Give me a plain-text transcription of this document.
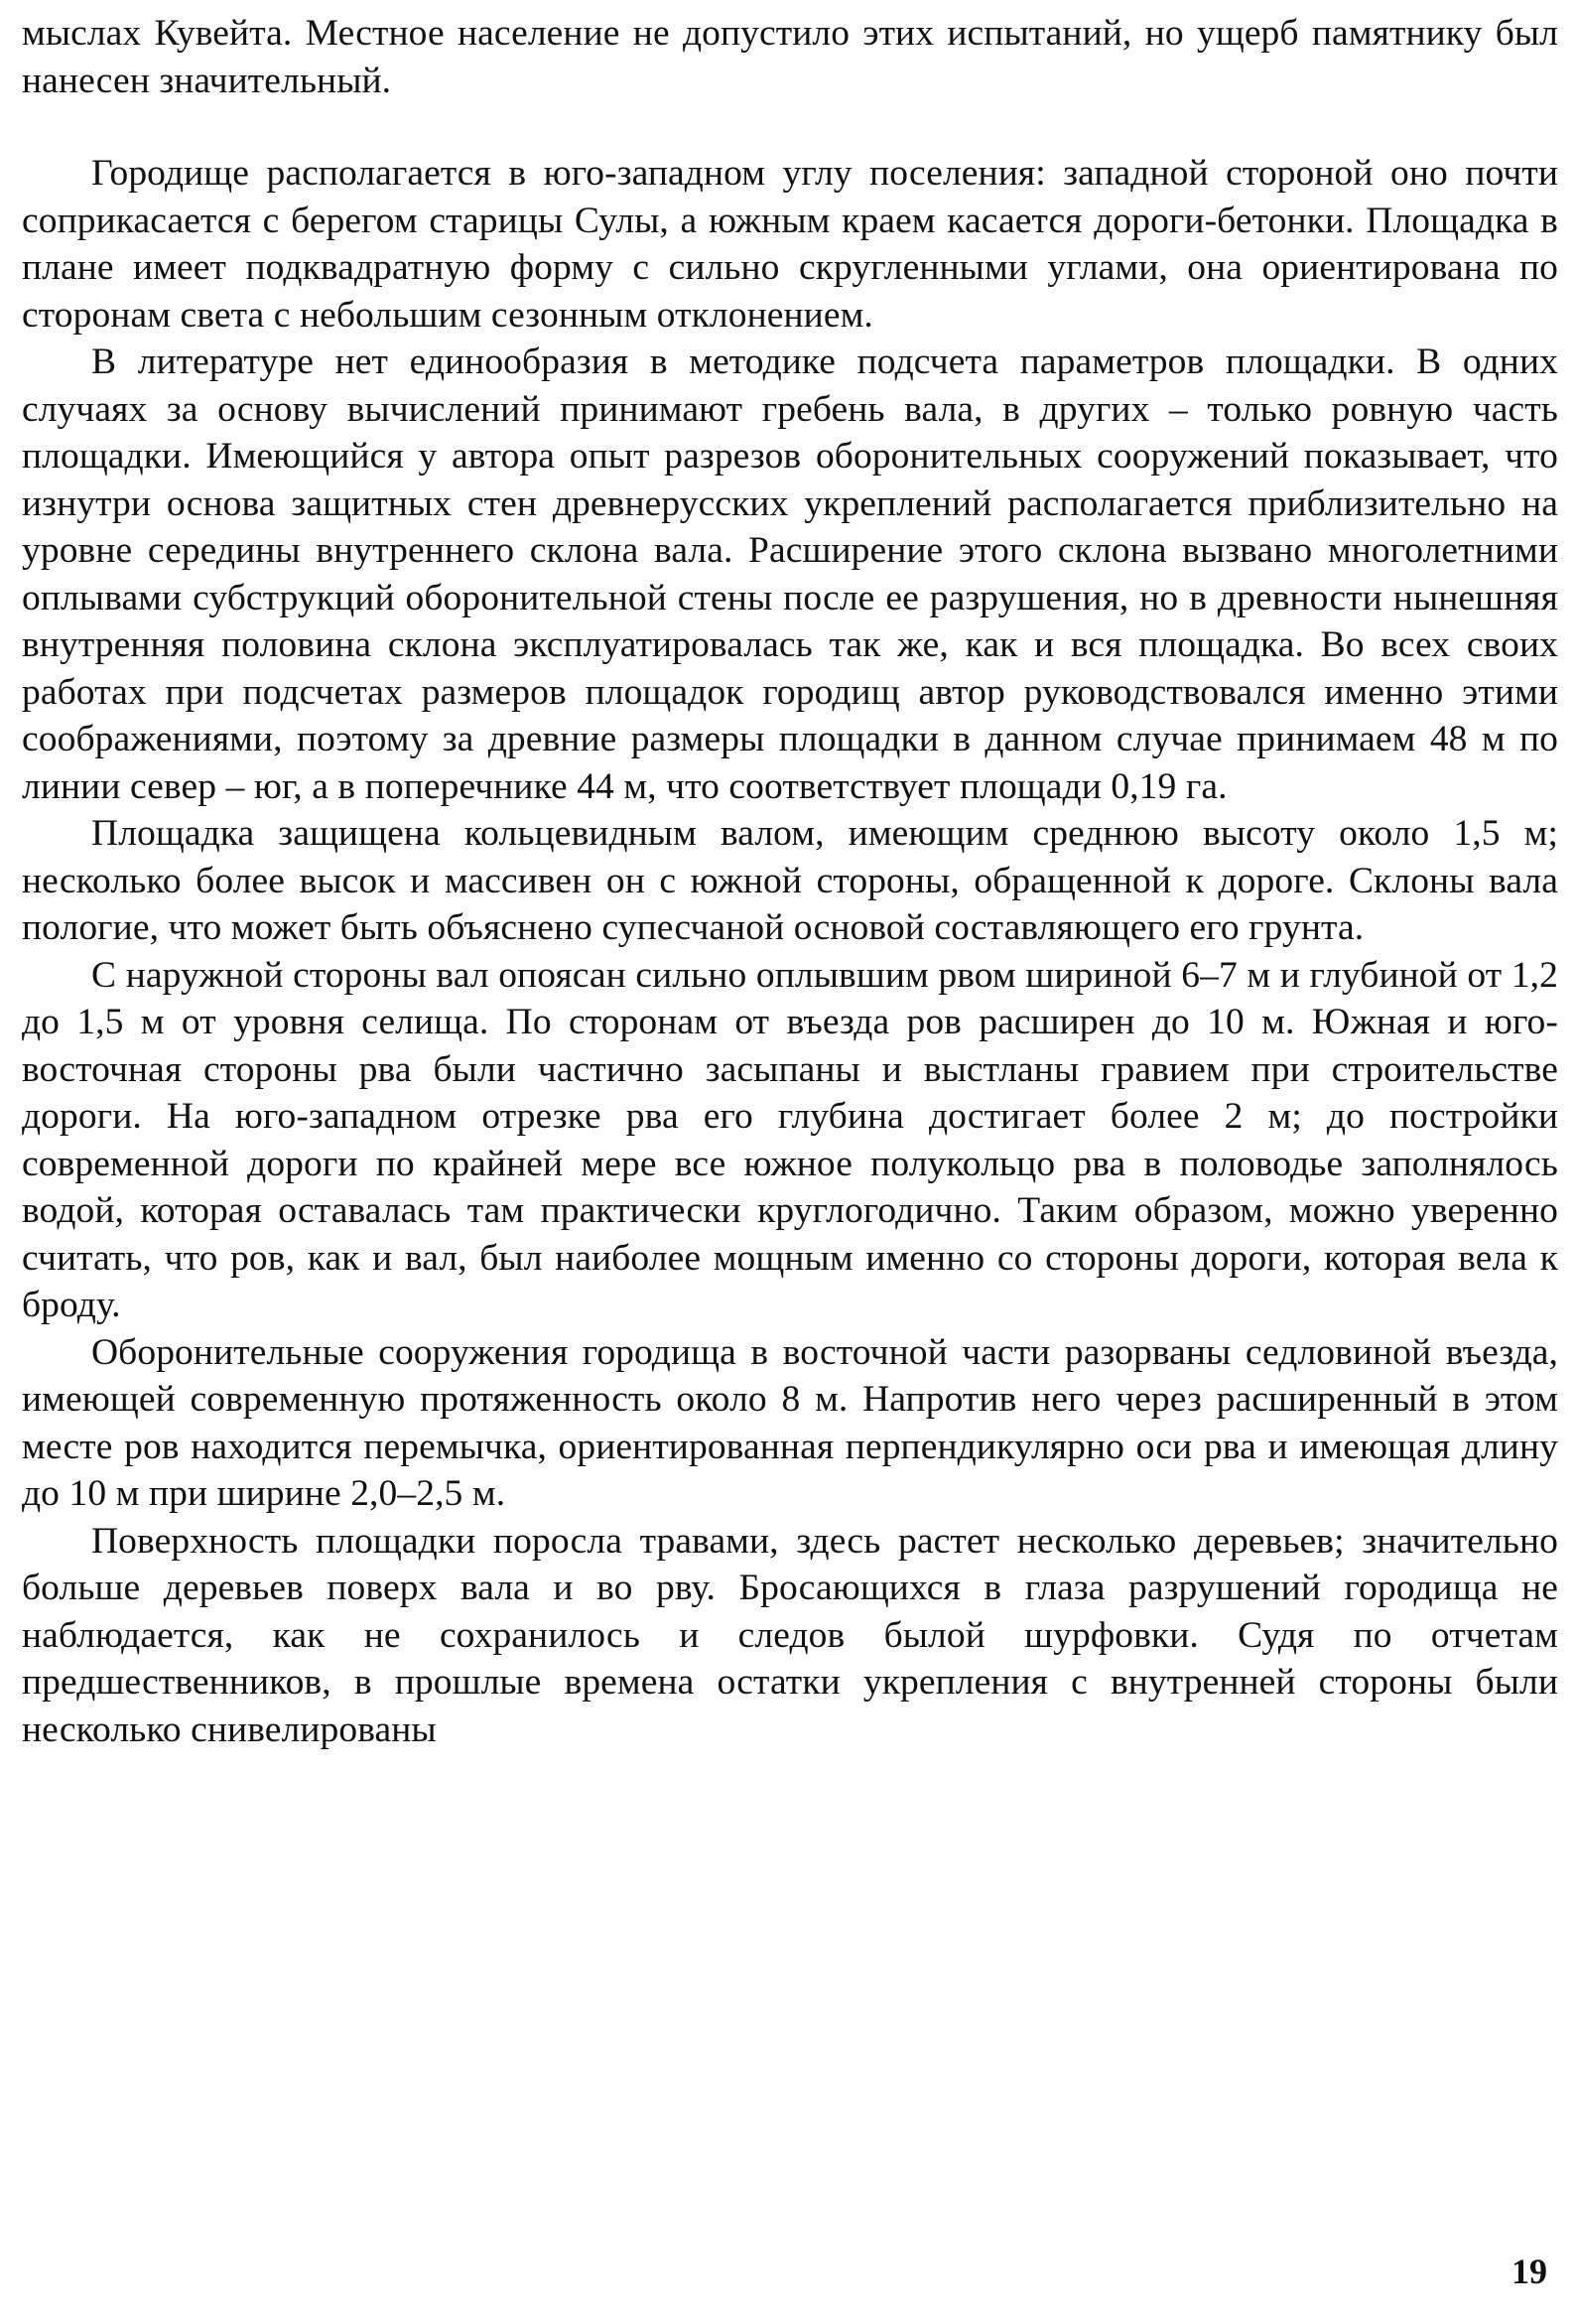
мыслах Кувейта. Местное население не допустило этих испытаний, но ущерб памятнику был нанесен значительный.

Городище располагается в юго-западном углу поселения: западной стороной оно почти соприкасается с берегом старицы Сулы, а южным краем касается дороги-бетонки. Площадка в плане имеет подквадратную форму с сильно скругленными углами, она ориентирована по сторонам света с небольшим сезонным отклонением.

В литературе нет единообразия в методике подсчета параметров площадки. В одних случаях за основу вычислений принимают гребень вала, в других – только ровную часть площадки. Имеющийся у автора опыт разрезов оборонительных сооружений показывает, что изнутри основа защитных стен древнерусских укреплений располагается приблизительно на уровне середины внутреннего склона вала. Расширение этого склона вызвано многолетними оплывами субструкций оборонительной стены после ее разрушения, но в древности нынешняя внутренняя половина склона эксплуатировалась так же, как и вся площадка. Во всех своих работах при подсчетах размеров площадок городищ автор руководствовался именно этими соображениями, поэтому за древние размеры площадки в данном случае принимаем 48 м по линии север – юг, а в поперечнике 44 м, что соответствует площади 0,19 га.

Площадка защищена кольцевидным валом, имеющим среднюю высоту около 1,5 м; несколько более высок и массивен он с южной стороны, обращенной к дороге. Склоны вала пологие, что может быть объяснено супесчаной основой составляющего его грунта.

С наружной стороны вал опоясан сильно оплывшим рвом шириной 6–7 м и глубиной от 1,2 до 1,5 м от уровня селища. По сторонам от въезда ров расширен до 10 м. Южная и юго-восточная стороны рва были частично засыпаны и выстланы гравием при строительстве дороги. На юго-западном отрезке рва его глубина достигает более 2 м; до постройки современной дороги по крайней мере все южное полукольцо рва в половодье заполнялось водой, которая оставалась там практически круглогодично. Таким образом, можно уверенно считать, что ров, как и вал, был наиболее мощным именно со стороны дороги, которая вела к броду.

Оборонительные сооружения городища в восточной части разорваны седловиной въезда, имеющей современную протяженность около 8 м. Напротив него через расширенный в этом месте ров находится перемычка, ориентированная перпендикулярно оси рва и имеющая длину до 10 м при ширине 2,0–2,5 м.

Поверхность площадки поросла травами, здесь растет несколько деревьев; значительно больше деревьев поверх вала и во рву. Бросающихся в глаза разрушений городища не наблюдается, как не сохранилось и следов былой шурфовки. Судя по отчетам предшественников, в прошлые времена остатки укрепления с внутренней стороны были несколько снивелированы

19
